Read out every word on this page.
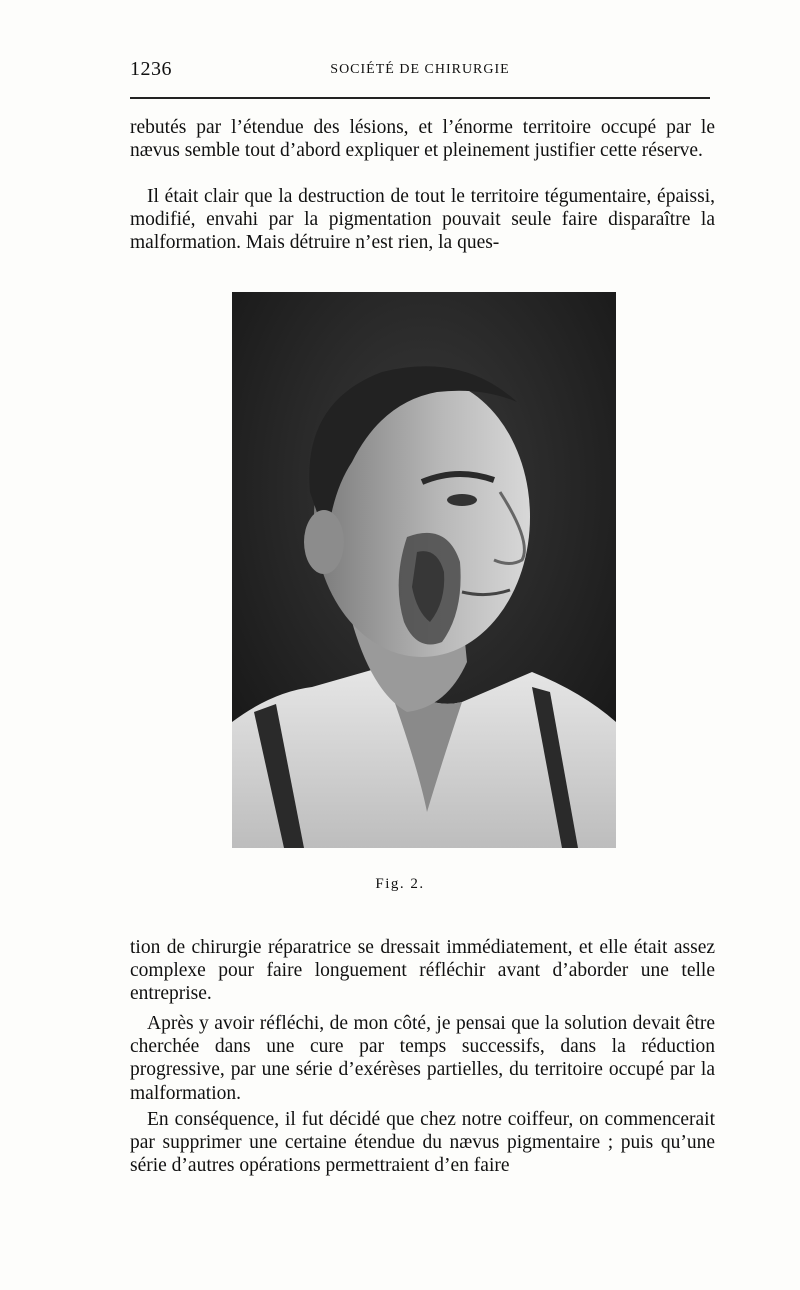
1236	SOCIÉTÉ DE CHIRURGIE

rebutés par l’étendue des lésions, et l’énorme territoire occupé par le nævus semble tout d’abord expliquer et pleinement justifier cette réserve.

Il était clair que la destruction de tout le territoire tégumentaire, épaissi, modifié, envahi par la pigmentation pouvait seule faire disparaître la malformation. Mais détruire n’est rien, la ques-

Fig. 2.

tion de chirurgie réparatrice se dressait immédiatement, et elle était assez complexe pour faire longuement réfléchir avant d’aborder une telle entreprise.

Après y avoir réfléchi, de mon côté, je pensai que la solution devait être cherchée dans une cure par temps successifs, dans la réduction progressive, par une série d’exérèses partielles, du territoire occupé par la malformation.

En conséquence, il fut décidé que chez notre coiffeur, on commencerait par supprimer une certaine étendue du nævus pigmentaire ; puis qu’une série d’autres opérations permettraient d’en faire
